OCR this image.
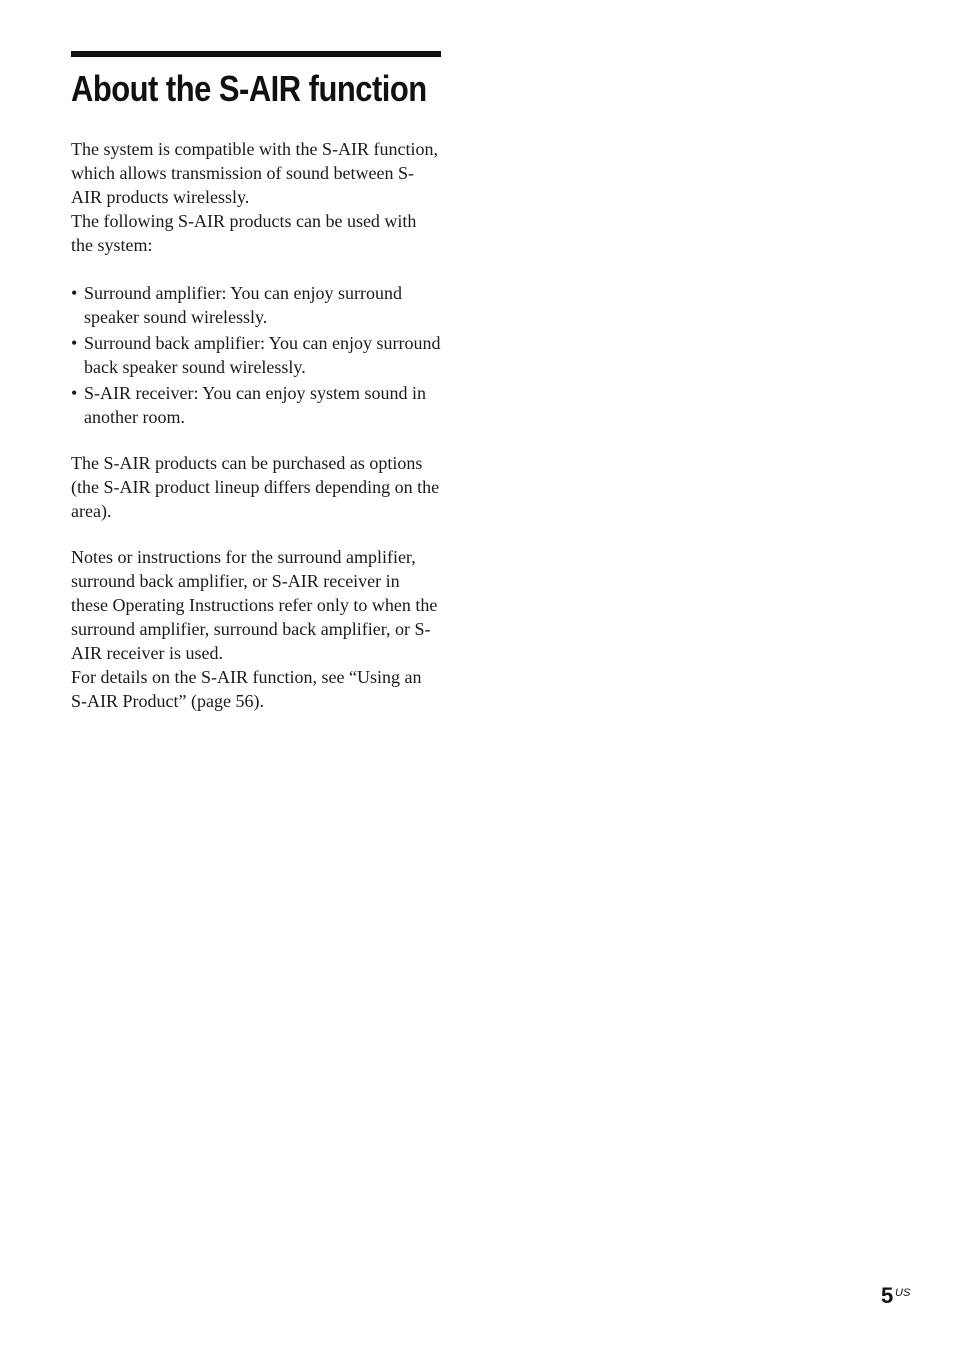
About the S-AIR function

The system is compatible with the S-AIR function, which allows transmission of sound between S-AIR products wirelessly.

The following S-AIR products can be used with the system:

• Surround amplifier: You can enjoy surround speaker sound wirelessly.
• Surround back amplifier: You can enjoy surround back speaker sound wirelessly.
• S-AIR receiver: You can enjoy system sound in another room.

The S-AIR products can be purchased as options (the S-AIR product lineup differs depending on the area).

Notes or instructions for the surround amplifier, surround back amplifier, or S-AIR receiver in these Operating Instructions refer only to when the surround amplifier, surround back amplifier, or S-AIR receiver is used.

For details on the S-AIR function, see “Using an S-AIR Product” (page 56).

5 US
